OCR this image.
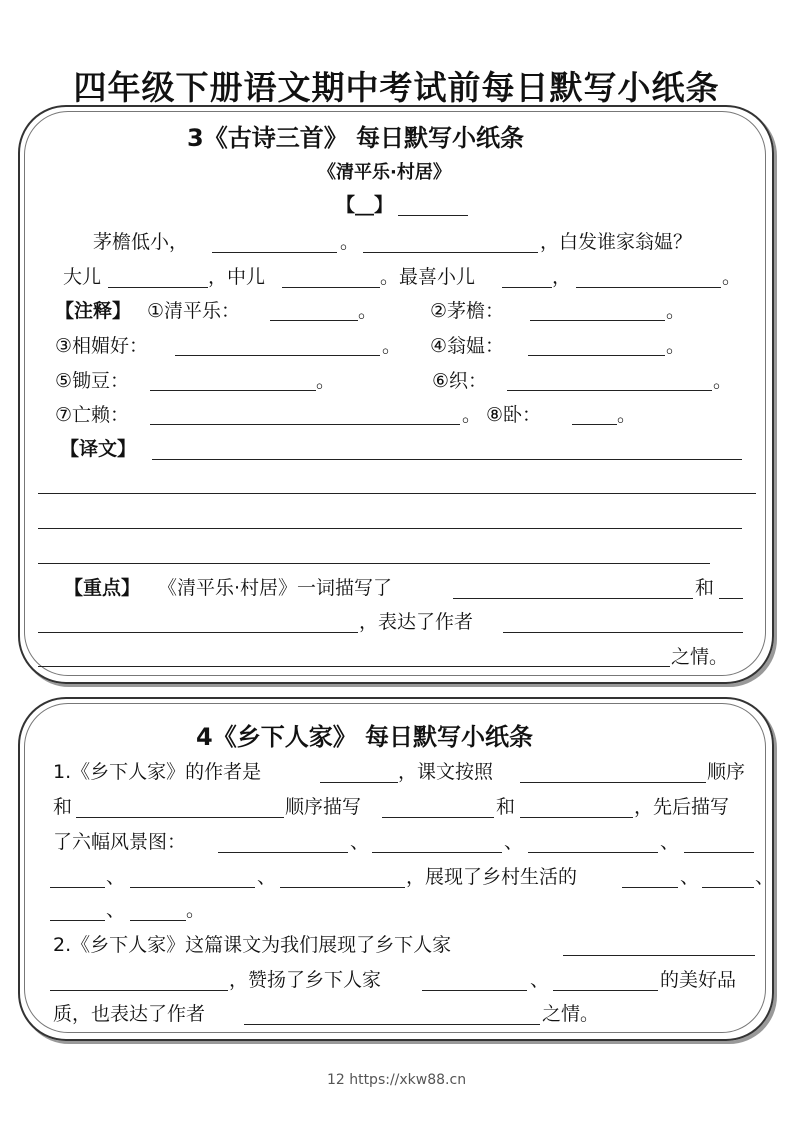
四年级下册语文期中考试前每日默写小纸条
3《古诗三首》 每日默写小纸条
《清平乐·村居》
【__】
茅檐低小，	。	，白发谁家翁媪？
大儿	，中儿	。最喜小儿	，	。
【注释】 ①清平乐：	。	②茅檐：	。
③相媚好：	。 ④翁媪：	。
⑤锄豆：	。	⑥织：	。
⑦亡赖：	。 ⑧卧：	。
【译文】
【重点】 《清平乐·村居》一词描写了	和
，表达了作者
之情。
4《乡下人家》 每日默写小纸条
1.《乡下人家》的作者是	，课文按照	顺序
和	顺序描写	和	，先后描写
了六幅风景图：	、	、	、
、	、	，展现了乡村生活的	、	、
、	。
2.《乡下人家》这篇课文为我们展现了乡下人家
，赞扬了乡下人家	、	的美好品
质，也表达了作者	之情。
12 https://xkw88.cn
